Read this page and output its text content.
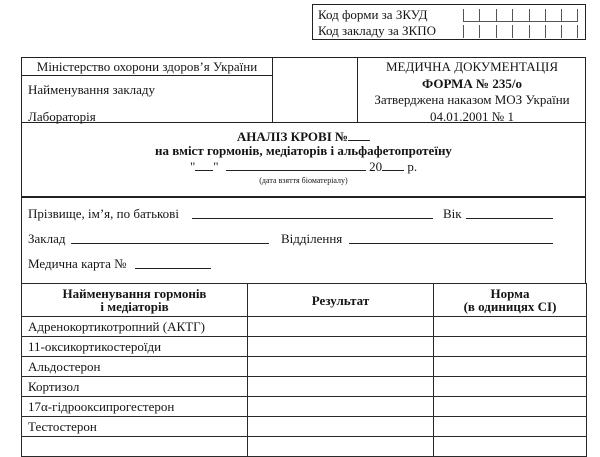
Код форми за ЗКУД
Код закладу за ЗКПО
Міністерство охорони здоров’я України
Найменування закладу
Лабораторія
МЕДИЧНА ДОКУМЕНТАЦІЯ
ФОРМА № 235/о
Затверджена наказом МОЗ України
04.01.2001 № 1
АНАЛІЗ КРОВІ №
на вміст гормонів, медіаторів і альфафетопротеїну
" "	20 р.
(дата взяття біоматеріалу)
Прізвище, ім’я, по батькові	Вік
Заклад	Відділення
Медична карта №
Найменування гормонів
і медіаторів	Результат	Норма
(в одиницях СІ)

Адренокортикотропний (АКТГ)		
11-оксикортикостероїди		
Альдостерон		
Кортизол		
17α-гідрооксипрогестерон		
Тестостерон		
